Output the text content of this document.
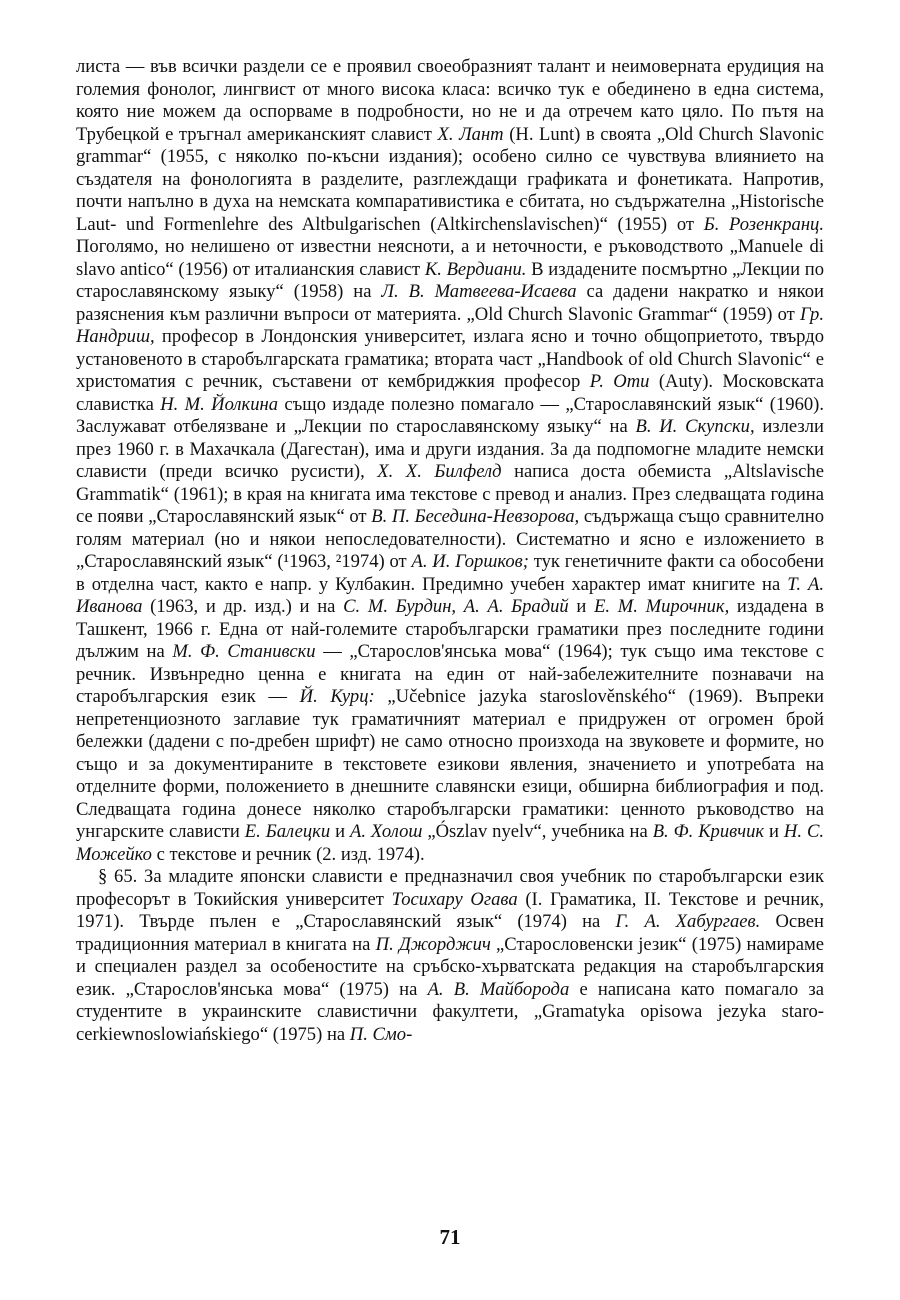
листа — във всички раздели се е проявил своеобразният талант и неимоверната ерудиция на големия фонолог, лингвист от много висока класа: всичко тук е обединено в една система, която ние можем да оспорваме в подробности, но не и да отречем като цяло. По пътя на Трубецкой е тръгнал американският славист Х. Лант (H. Lunt) в своята „Old Church Slavonic grammar“ (1955, с няколко по-късни издания); особено силно се чувствува влиянието на създателя на фонологията в разделите, разглеждащи графиката и фонетиката. Напротив, почти напълно в духа на немската компаративистика е сбитата, но съдържателна „Historische Laut- und Formenlehre des Altbulgarischen (Altkirchenslavischen)“ (1955) от Б. Розенкранц. Поголямо, но нелишено от известни неясноти, а и неточности, е ръководството „Manuele di slavo antico“ (1956) от италианския славист К. Вердиани. В издадените посмъртно „Лекции по старославянскому языку“ (1958) на Л. В. Матвеева-Исаева са дадени накратко и някои разяснения към различни въпроси от материята. „Old Church Slavonic Grammar“ (1959) от Гр. Нандриш, професор в Лондонския университет, излага ясно и точно общоприетото, твърдо установеното в старобългарската граматика; втората част „Handbook of old Church Slavonic“ е христоматия с речник, съставени от кембриджкия професор Р. Оти (Auty). Московската славистка Н. М. Йолкина също издаде полезно помагало — „Старославянский язык“ (1960). Заслужават отбелязване и „Лекции по старославянскому языку“ на В. И. Скупски, излезли през 1960 г. в Махачкала (Дагестан), има и други издания. За да подпомогне младите немски слависти (преди всичко русисти), Х. Х. Билфелд написа доста обемиста „Altslavische Grammatik“ (1961); в края на книгата има текстове с превод и анализ. През следващата година се появи „Старославянский язык“ от В. П. Беседина-Невзорова, съдържаща също сравнително голям материал (но и някои непоследователности). Систематно и ясно е изложението в „Старославянский язык“ (¹1963, ²1974) от А. И. Горшков; тук генетичните факти са обособени в отделна част, както е напр. у Кулбакин. Предимно учебен характер имат книгите на Т. А. Иванова (1963, и др. изд.) и на С. М. Бурдин, А. А. Брадий и Е. М. Мирочник, издадена в Ташкент, 1966 г. Една от най-големите старобългарски граматики през последните години дължим на М. Ф. Станивски — „Старослов'янська мова“ (1964); тук също има текстове с речник. Извънредно ценна е книгата на един от най-забележителните познавачи на старобългарския език — Й. Курц: „Učebnice jazyka staroslověnského“ (1969). Въпреки непретенциозното заглавие тук граматичният материал е придружен от огромен брой бележки (дадени с по-дребен шрифт) не само относно произхода на звуковете и формите, но също и за документираните в текстовете езикови явления, значението и употребата на отделните форми, положението в днешните славянски езици, обширна библиография и под. Следващата година донесе няколко старобългарски граматики: ценното ръководство на унгарските слависти Е. Балецки и А. Холош „Ószlav nyelv“, учебника на В. Ф. Кривчик и Н. С. Можейко с текстове и речник (2. изд. 1974).

§ 65. За младите японски слависти е предназначил своя учебник по старобългарски език професорът в Токийския университет Тосихару Огава (I. Граматика, II. Текстове и речник, 1971). Твърде пълен е „Старославянский язык“ (1974) на Г. А. Хабургаев. Освен традиционния материал в книгата на П. Джорджич „Старословенски језик“ (1975) намираме и специален раздел за особеностите на сръбско-хърватската редакция на старобългарския език. „Старослов'янська мова“ (1975) на А. В. Майборода е написана като помагало за студентите в украинските славистични факултети, „Gramatyka opisowa jezyka staro-cerkiewnoslowiańskiego“ (1975) на П. Смо-

71
